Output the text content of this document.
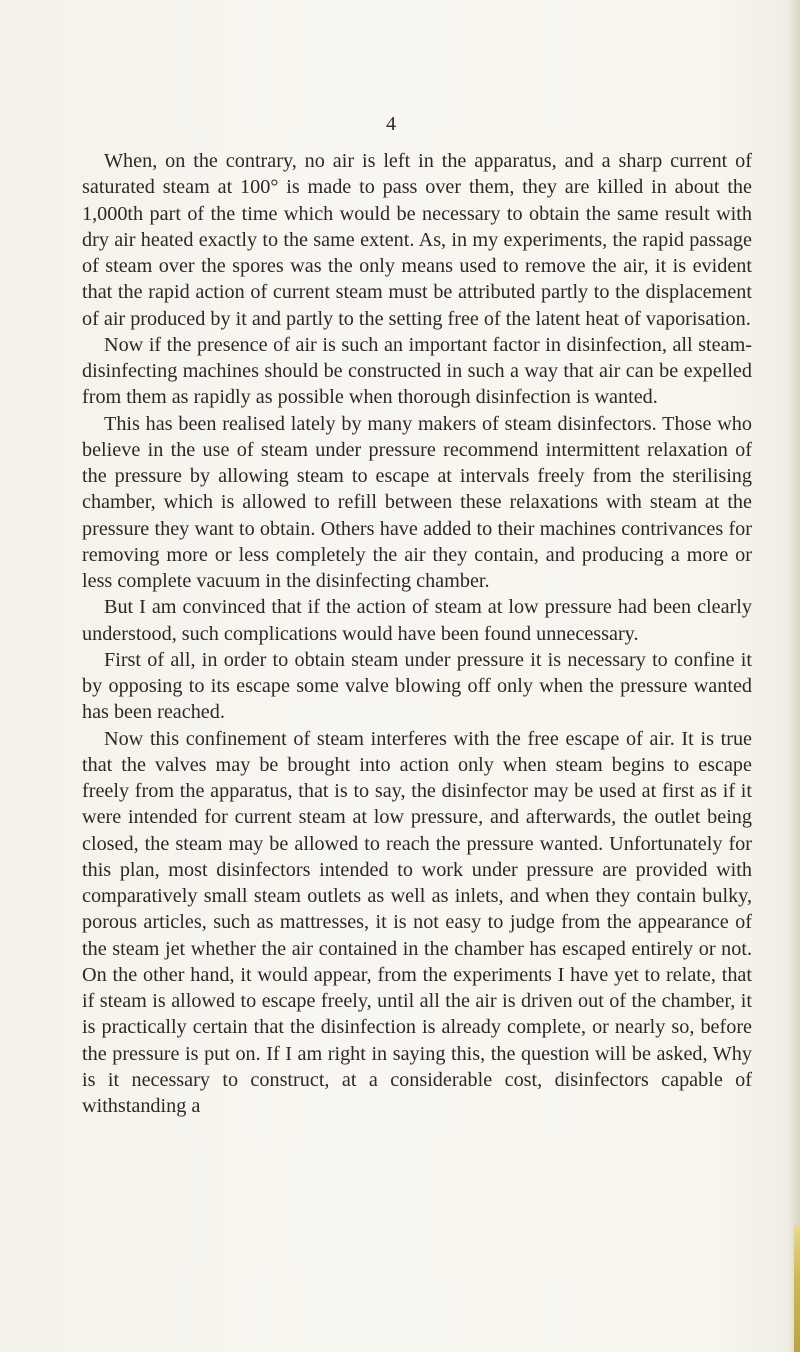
4

When, on the contrary, no air is left in the apparatus, and a sharp current of saturated steam at 100° is made to pass over them, they are killed in about the 1,000th part of the time which would be necessary to obtain the same result with dry air heated exactly to the same extent. As, in my experiments, the rapid passage of steam over the spores was the only means used to remove the air, it is evident that the rapid action of current steam must be attributed partly to the displacement of air produced by it and partly to the setting free of the latent heat of vaporisation.

Now if the presence of air is such an important factor in disinfection, all steam-disinfecting machines should be constructed in such a way that air can be expelled from them as rapidly as possible when thorough disinfection is wanted.

This has been realised lately by many makers of steam disinfectors. Those who believe in the use of steam under pressure recommend intermittent relaxation of the pressure by allowing steam to escape at intervals freely from the sterilising chamber, which is allowed to refill between these relaxations with steam at the pressure they want to obtain. Others have added to their machines contrivances for removing more or less completely the air they contain, and producing a more or less complete vacuum in the disinfecting chamber.

But I am convinced that if the action of steam at low pressure had been clearly understood, such complications would have been found unnecessary.

First of all, in order to obtain steam under pressure it is necessary to confine it by opposing to its escape some valve blowing off only when the pressure wanted has been reached.

Now this confinement of steam interferes with the free escape of air. It is true that the valves may be brought into action only when steam begins to escape freely from the apparatus, that is to say, the disinfector may be used at first as if it were intended for current steam at low pressure, and afterwards, the outlet being closed, the steam may be allowed to reach the pressure wanted. Unfortunately for this plan, most disinfectors intended to work under pressure are provided with comparatively small steam outlets as well as inlets, and when they contain bulky, porous articles, such as mattresses, it is not easy to judge from the appearance of the steam jet whether the air contained in the chamber has escaped entirely or not. On the other hand, it would appear, from the experiments I have yet to relate, that if steam is allowed to escape freely, until all the air is driven out of the chamber, it is practically certain that the disinfection is already complete, or nearly so, before the pressure is put on. If I am right in saying this, the question will be asked, Why is it necessary to construct, at a considerable cost, disinfectors capable of withstanding a
